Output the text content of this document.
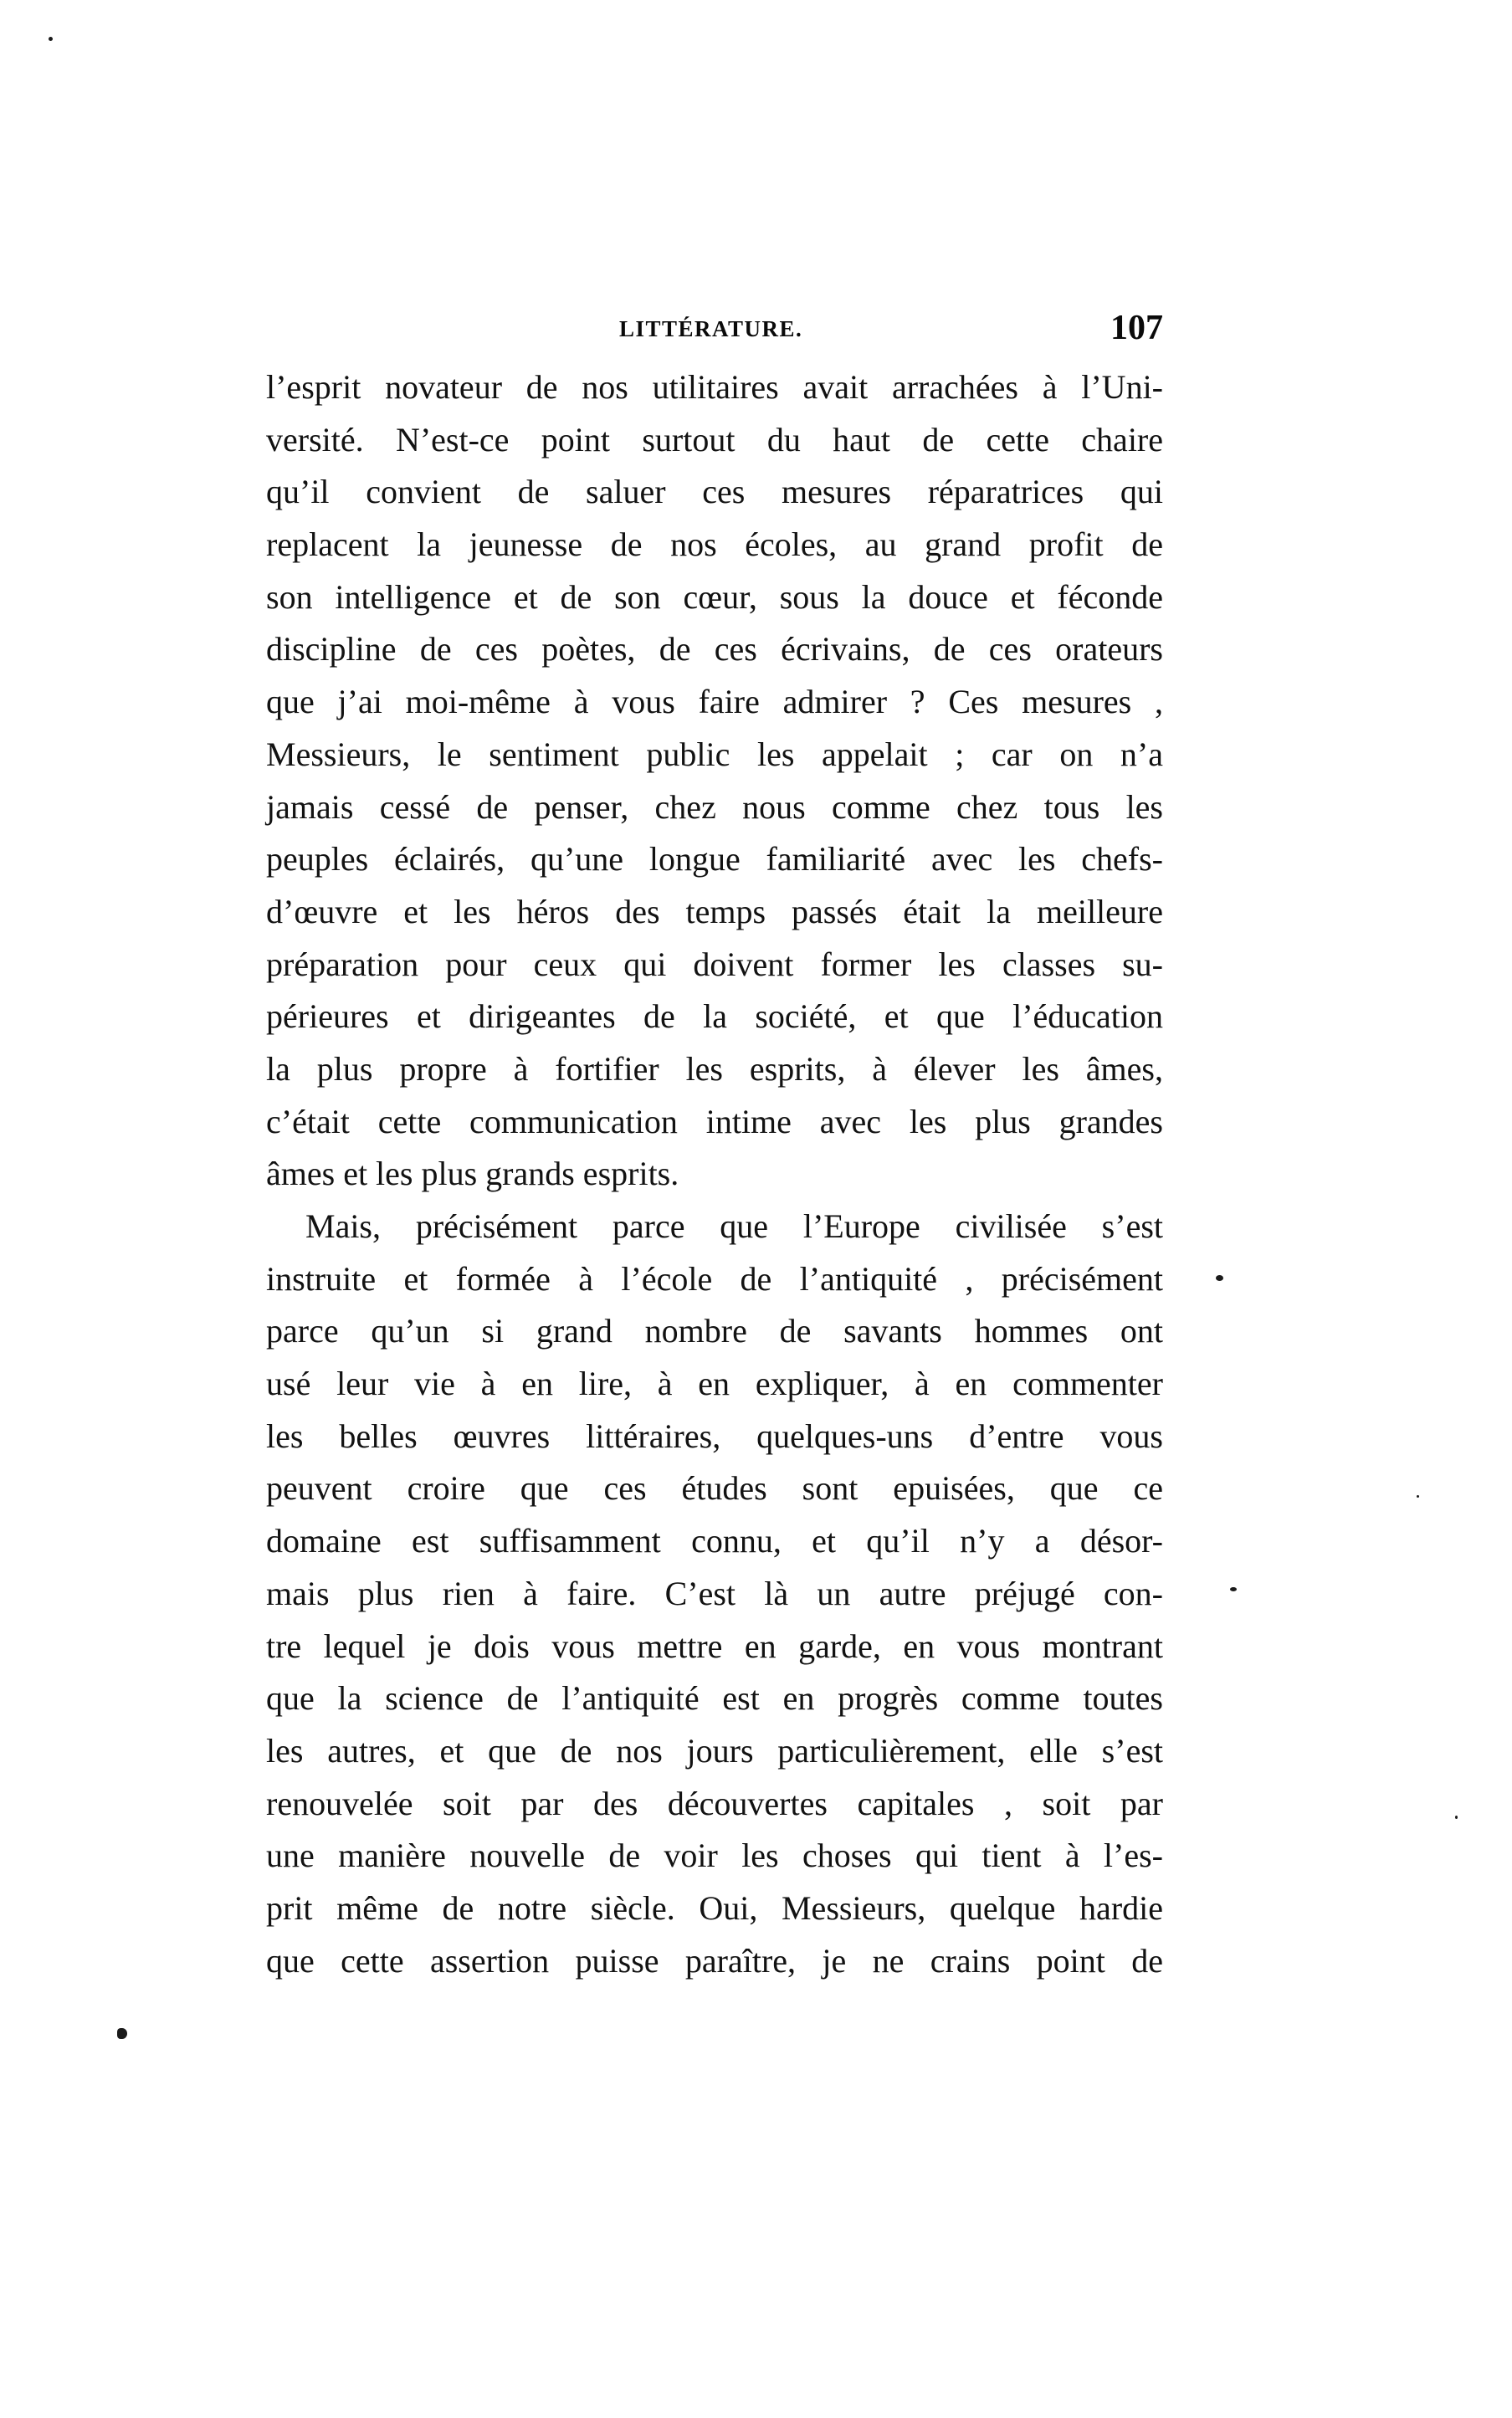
LITTÉRATURE.	107
l’esprit novateur de nos utilitaires avait arrachées à l’Uni-
versité. N’est-ce point surtout du haut de cette chaire
qu’il convient de saluer ces mesures réparatrices qui
replacent la jeunesse de nos écoles, au grand profit de
son intelligence et de son cœur, sous la douce et féconde
discipline de ces poètes, de ces écrivains, de ces orateurs
que j’ai moi-même à vous faire admirer ? Ces mesures ,
Messieurs, le sentiment public les appelait ; car on n’a
jamais cessé de penser, chez nous comme chez tous les
peuples éclairés, qu’une longue familiarité avec les chefs-
d’œuvre et les héros des temps passés était la meilleure
préparation pour ceux qui doivent former les classes su-
périeures et dirigeantes de la société, et que l’éducation
la plus propre à fortifier les esprits, à élever les âmes,
c’était cette communication intime avec les plus grandes
âmes et les plus grands esprits.
Mais, précisément parce que l’Europe civilisée s’est
instruite et formée à l’école de l’antiquité , précisément
parce qu’un si grand nombre de savants hommes ont
usé leur vie à en lire, à en expliquer, à en commenter
les belles œuvres littéraires, quelques-uns d’entre vous
peuvent croire que ces études sont epuisées, que ce
domaine est suffisamment connu, et qu’il n’y a désor-
mais plus rien à faire. C’est là un autre préjugé con-
tre lequel je dois vous mettre en garde, en vous montrant
que la science de l’antiquité est en progrès comme toutes
les autres, et que de nos jours particulièrement, elle s’est
renouvelée soit par des découvertes capitales , soit par
une manière nouvelle de voir les choses qui tient à l’es-
prit même de notre siècle. Oui, Messieurs, quelque hardie
que cette assertion puisse paraître, je ne crains point de
